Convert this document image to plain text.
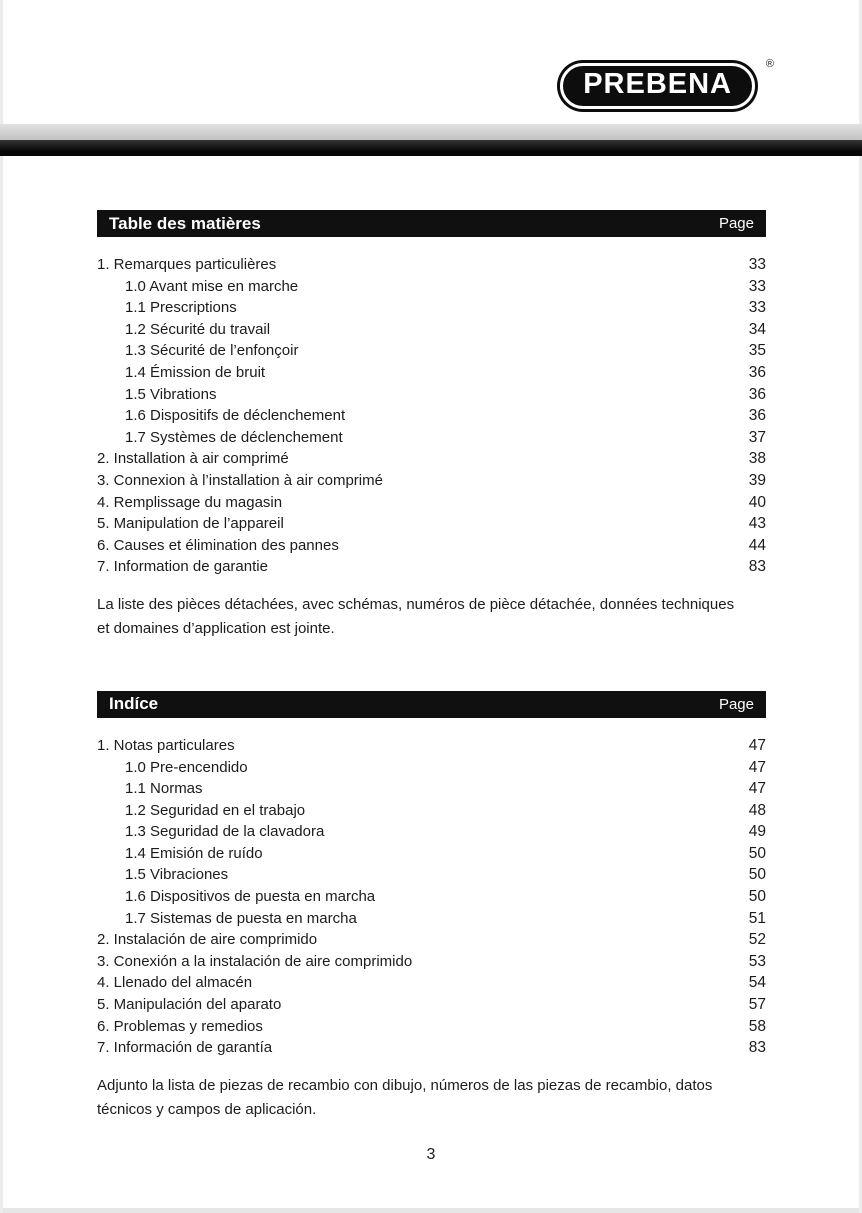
PREBENA
®
Table des matières	Page
1. Remarques particulières	33
1.0 Avant mise en marche	33
1.1 Prescriptions	33
1.2 Sécurité du travail	34
1.3 Sécurité de l’enfonçoir	35
1.4 Émission de bruit	36
1.5 Vibrations	36
1.6 Dispositifs de déclenchement	36
1.7 Systèmes de déclenchement	37
2. Installation à air comprimé	38
3. Connexion à l’installation à air comprimé	39
4. Remplissage du magasin	40
5. Manipulation de l’appareil	43
6. Causes et élimination des pannes	44
7. Information de garantie	83

La liste des pièces détachées, avec schémas, numéros de pièce détachée, données techniques et domaines d’application est jointe.

Indíce	Page
1. Notas particulares	47
1.0 Pre-encendido	47
1.1 Normas	47
1.2 Seguridad en el trabajo	48
1.3 Seguridad de la clavadora	49
1.4 Emisión de ruído	50
1.5 Vibraciones	50
1.6 Dispositivos de puesta en marcha	50
1.7 Sistemas de puesta en marcha	51
2. Instalación de aire comprimido	52
3. Conexión a la instalación de aire comprimido	53
4. Llenado del almacén	54
5. Manipulación del aparato	57
6. Problemas y remedios	58
7. Información de garantía	83

Adjunto la lista de piezas de recambio con dibujo, números de las piezas de recambio, datos técnicos y campos de aplicación.

3
